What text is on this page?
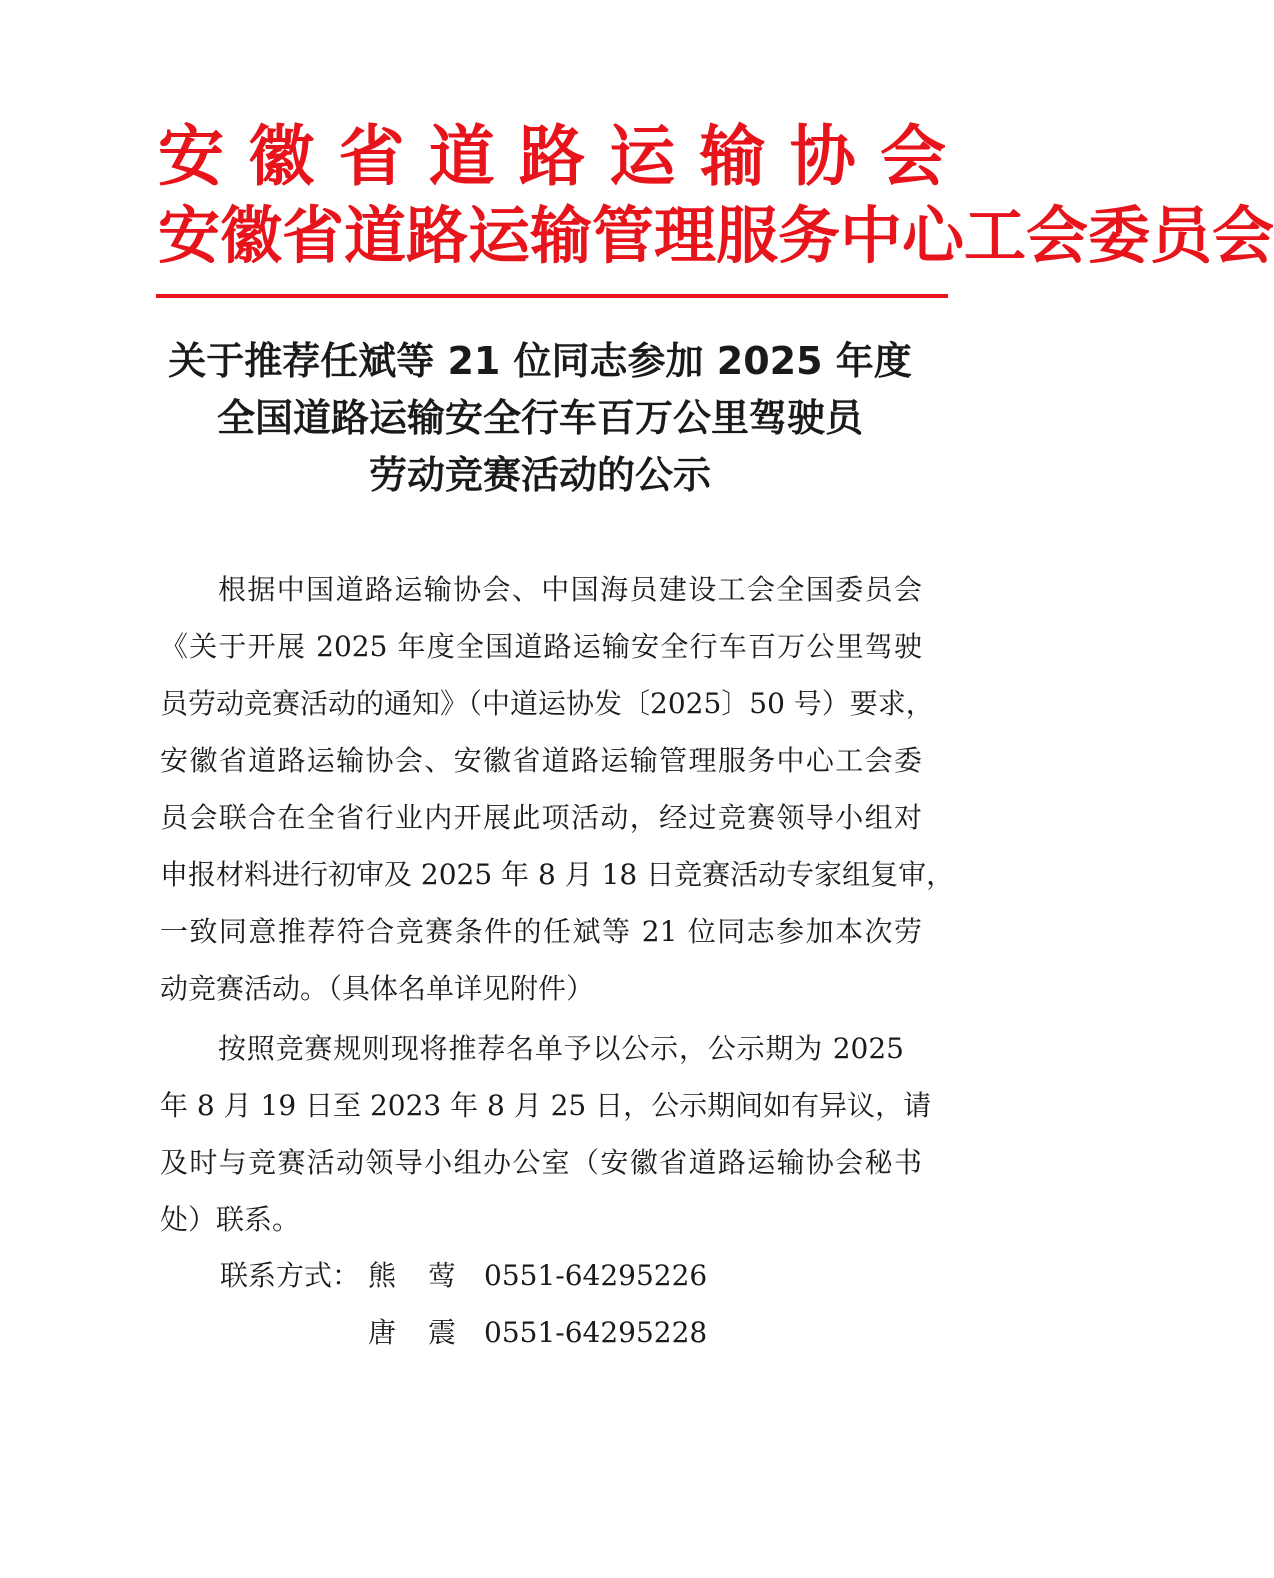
安徽省道路运输协会
安徽省道路运输管理服务中心工会委员会
关于推荐任斌等 21 位同志参加 2025 年度
全国道路运输安全行车百万公里驾驶员
劳动竞赛活动的公示
根据中国道路运输协会、中国海员建设工会全国委员会
《关于开展 2025 年度全国道路运输安全行车百万公里驾驶
员劳动竞赛活动的通知》（中道运协发〔2025〕50 号）要求，
安徽省道路运输协会、安徽省道路运输管理服务中心工会委
员会联合在全省行业内开展此项活动，经过竞赛领导小组对
申报材料进行初审及 2025 年 8 月 18 日竞赛活动专家组复审，
一致同意推荐符合竞赛条件的任斌等 21 位同志参加本次劳
动竞赛活动。（具体名单详见附件）
按照竞赛规则现将推荐名单予以公示，公示期为 2025
年 8 月 19 日至 2023 年 8 月 25 日，公示期间如有异议，请
及时与竞赛活动领导小组办公室（安徽省道路运输协会秘书
处）联系。
联系方式： 熊　莺 0551-64295226
唐　震 0551-64295228
